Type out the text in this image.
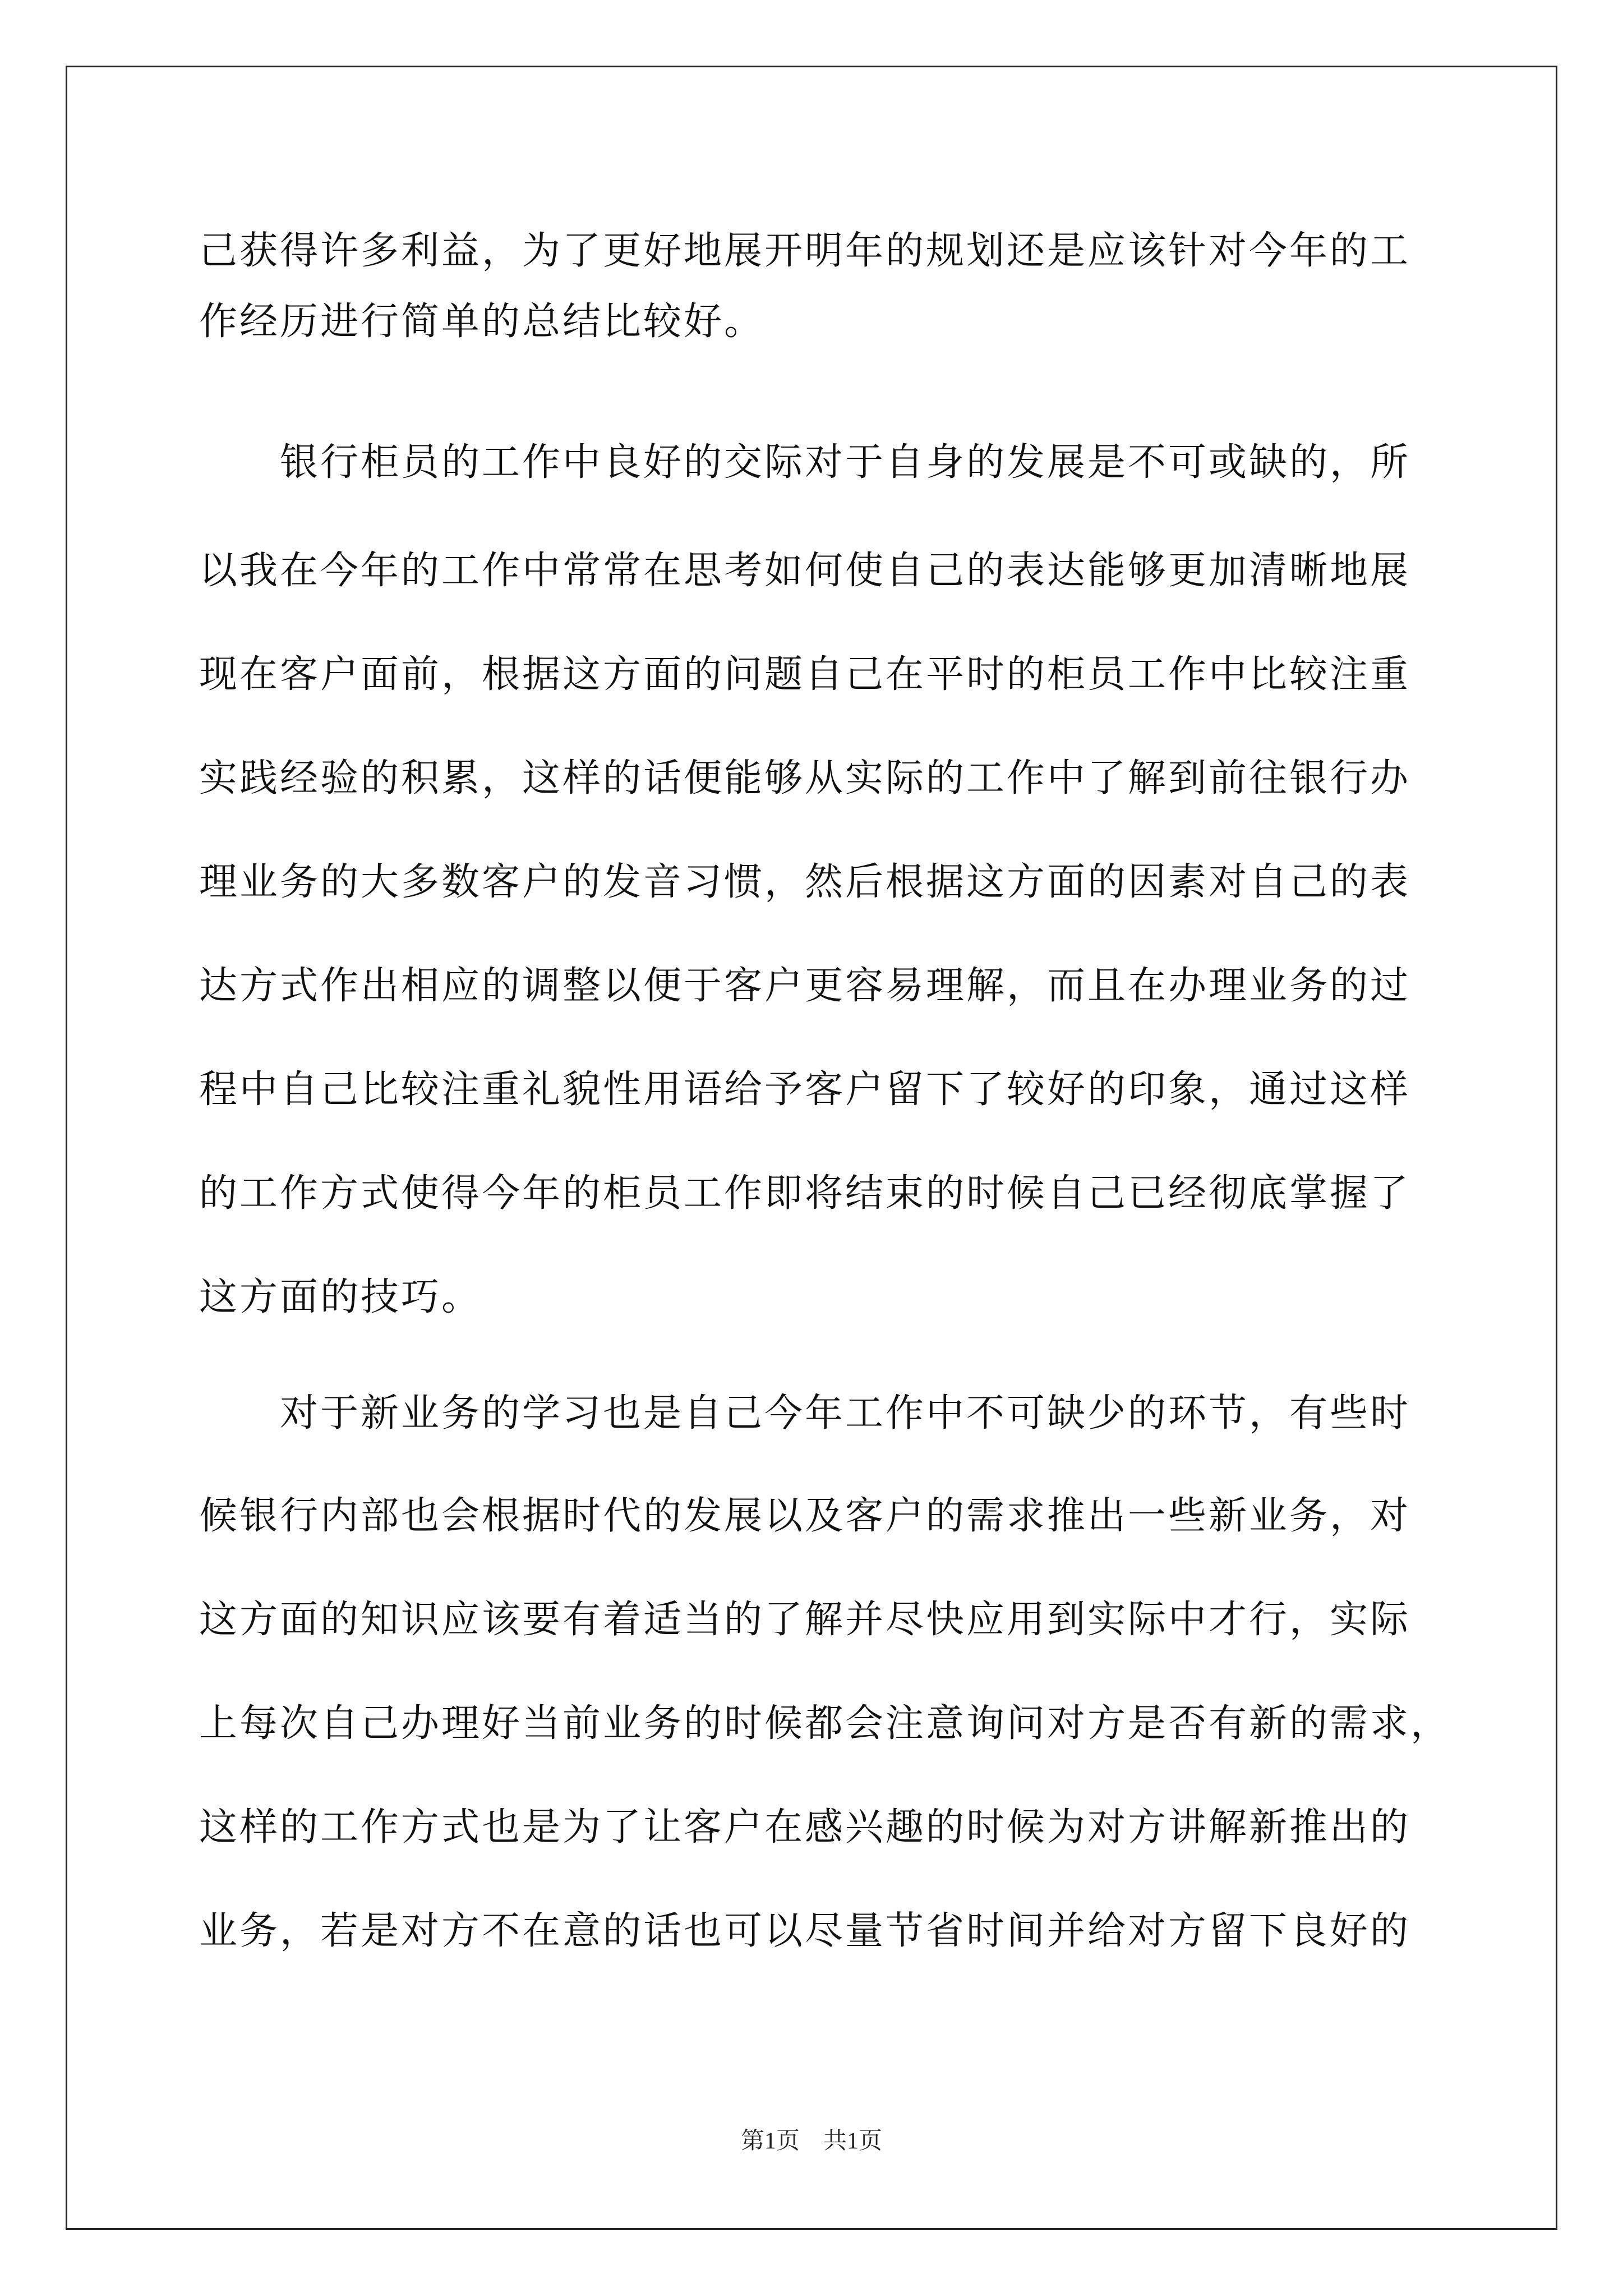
己获得许多利益，为了更好地展开明年的规划还是应该针对今年的工
作经历进行简单的总结比较好。
　　银行柜员的工作中良好的交际对于自身的发展是不可或缺的，所
以我在今年的工作中常常在思考如何使自己的表达能够更加清晰地展
现在客户面前，根据这方面的问题自己在平时的柜员工作中比较注重
实践经验的积累，这样的话便能够从实际的工作中了解到前往银行办
理业务的大多数客户的发音习惯，然后根据这方面的因素对自己的表
达方式作出相应的调整以便于客户更容易理解，而且在办理业务的过
程中自己比较注重礼貌性用语给予客户留下了较好的印象，通过这样
的工作方式使得今年的柜员工作即将结束的时候自己已经彻底掌握了
这方面的技巧。
　　对于新业务的学习也是自己今年工作中不可缺少的环节，有些时
候银行内部也会根据时代的发展以及客户的需求推出一些新业务，对
这方面的知识应该要有着适当的了解并尽快应用到实际中才行，实际
上每次自己办理好当前业务的时候都会注意询问对方是否有新的需求，
这样的工作方式也是为了让客户在感兴趣的时候为对方讲解新推出的
业务，若是对方不在意的话也可以尽量节省时间并给对方留下良好的
第1页　共1页
